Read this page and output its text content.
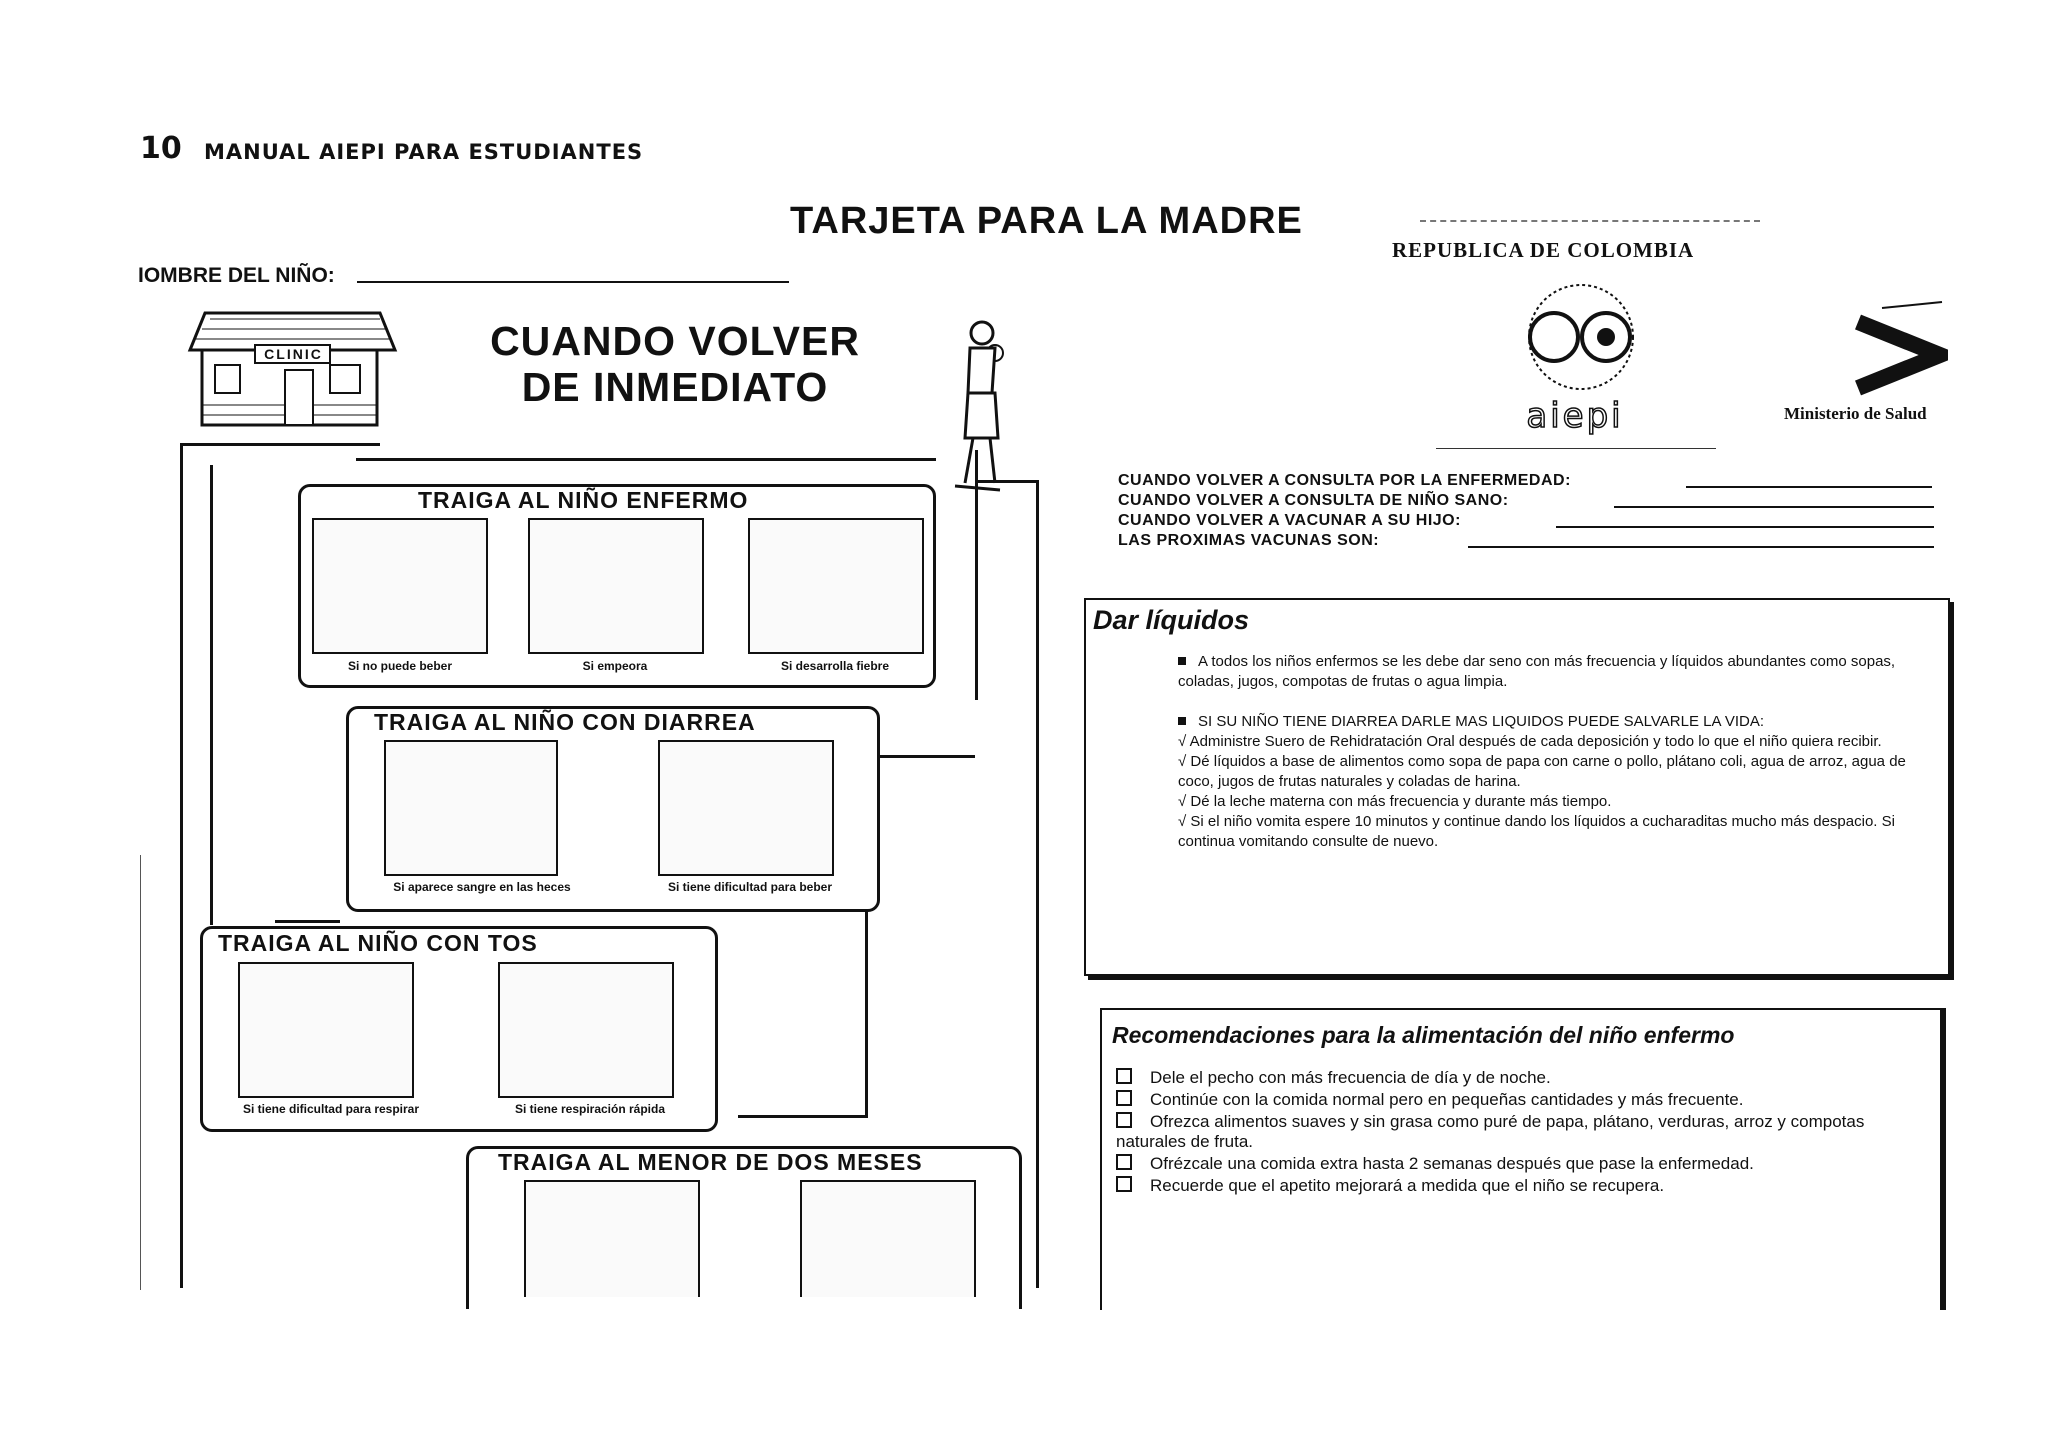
10 MANUAL AIEPI PARA ESTUDIANTES
TARJETA PARA LA MADRE
REPUBLICA DE COLOMBIA
IOMBRE DEL NIÑO:
CLINIC	CUANDO VOLVER
DE INMEDIATO
TRAIGA AL NIÑO ENFERMO
Si no puede beber	Si empeora	Si desarrolla fiebre
TRAIGA AL NIÑO CON DIARREA
Si aparece sangre en las heces	Si tiene dificultad para beber
TRAIGA AL NIÑO CON TOS
Si tiene dificultad para respirar	Si tiene respiración rápida
TRAIGA AL MENOR DE DOS MESES
aiepi	Ministerio de Salud
CUANDO VOLVER A CONSULTA POR LA ENFERMEDAD:
CUANDO VOLVER A CONSULTA DE NIÑO SANO:
CUANDO VOLVER A VACUNAR A SU HIJO:
LAS PROXIMAS VACUNAS SON:
Dar líquidos
A todos los niños enfermos se les debe dar seno con más frecuencia y líquidos abundantes como sopas, coladas, jugos, compotas de frutas o agua limpia.
SI SU NIÑO TIENE DIARREA DARLE MAS LIQUIDOS PUEDE SALVARLE LA VIDA:
√ Administre Suero de Rehidratación Oral después de cada deposición y todo lo que el niño quiera recibir.
√ Dé líquidos a base de alimentos como sopa de papa con carne o pollo, plátano coli, agua de arroz, agua de coco, jugos de frutas naturales y coladas de harina.
√ Dé la leche materna con más frecuencia y durante más tiempo.
√ Si el niño vomita espere 10 minutos y continue dando los líquidos a cucharaditas mucho más despacio. Si continua vomitando consulte de nuevo.
Recomendaciones para la alimentación del niño enfermo
Dele el pecho con más frecuencia de día y de noche.
Continúe con la comida normal pero en pequeñas cantidades y más frecuente.
Ofrezca alimentos suaves y sin grasa como puré de papa, plátano, verduras, arroz y compotas naturales de fruta.
Ofrézcale una comida extra hasta 2 semanas después que pase la enfermedad.
Recuerde que el apetito mejorará a medida que el niño se recupera.
